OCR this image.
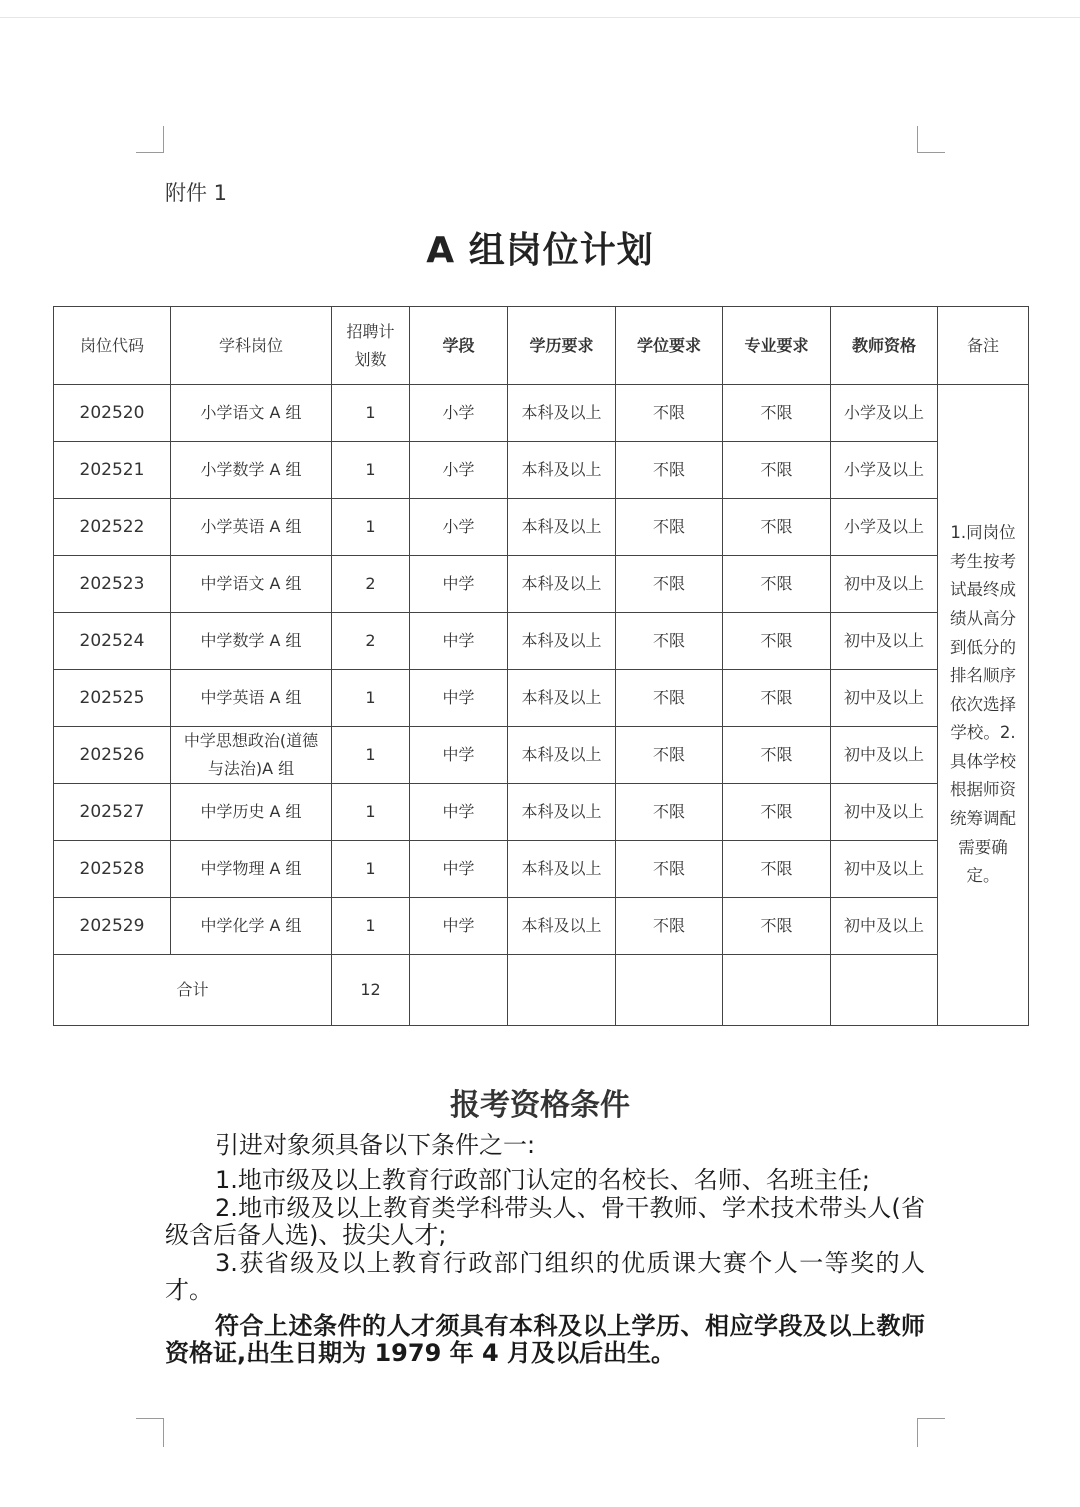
附件 1
A 组岗位计划
岗位代码	学科岗位	招聘计划数	学段	学历要求	学位要求	专业要求	教师资格	备注
202520	小学语文 A 组	1	小学	本科及以上	不限	不限	小学及以上	1.同岗位考生按考试最终成绩从高分到低分的排名顺序依次选择学校。2.具体学校根据师资统筹调配需要确定。
202521	小学数学 A 组	1	小学	本科及以上	不限	不限	小学及以上	
202522	小学英语 A 组	1	小学	本科及以上	不限	不限	小学及以上	
202523	中学语文 A 组	2	中学	本科及以上	不限	不限	初中及以上	
202524	中学数学 A 组	2	中学	本科及以上	不限	不限	初中及以上	
202525	中学英语 A 组	1	中学	本科及以上	不限	不限	初中及以上	
202526	中学思想政治(道德与法治)A 组	1	中学	本科及以上	不限	不限	初中及以上	
202527	中学历史 A 组	1	中学	本科及以上	不限	不限	初中及以上	
202528	中学物理 A 组	1	中学	本科及以上	不限	不限	初中及以上	
202529	中学化学 A 组	1	中学	本科及以上	不限	不限	初中及以上	
合计		12						
报考资格条件
引进对象须具备以下条件之一:
1.地市级及以上教育行政部门认定的名校长、名师、名班主任;
2.地市级及以上教育类学科带头人、骨干教师、学术技术带头人(省级含后备人选)、拔尖人才;
3.获省级及以上教育行政部门组织的优质课大赛个人一等奖的人才。
符合上述条件的人才须具有本科及以上学历、相应学段及以上教师资格证,出生日期为 1979 年 4 月及以后出生。
